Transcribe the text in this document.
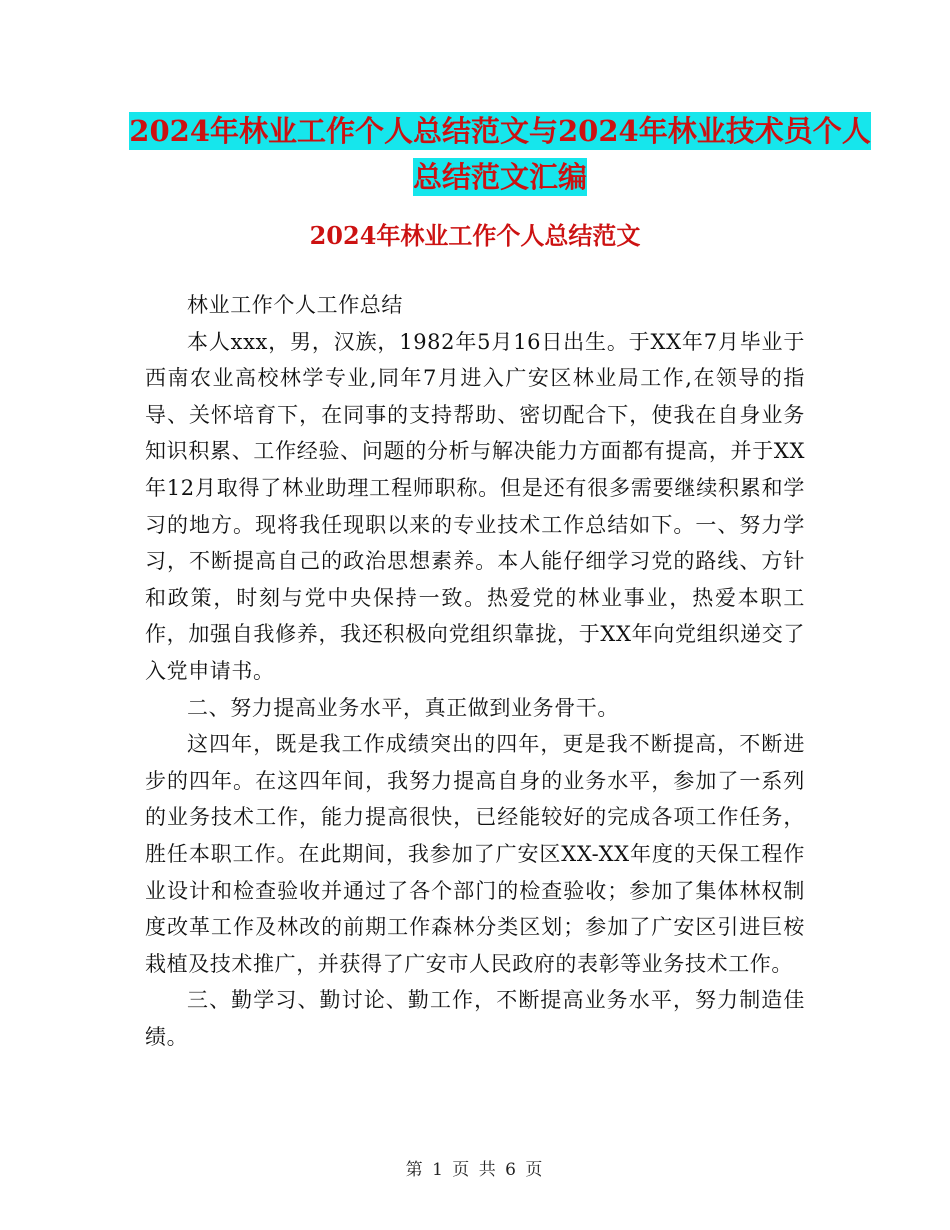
2024年林业工作个人总结范文与2024年林业技术员个人总结范文汇编
2024年林业工作个人总结范文

林业工作个人工作总结

本人xxx，男，汉族，1982年5月16日出生。于XX年7月毕业于西南农业高校林学专业,同年7月进入广安区林业局工作,在领导的指导、关怀培育下，在同事的支持帮助、密切配合下，使我在自身业务知识积累、工作经验、问题的分析与解决能力方面都有提高，并于XX年12月取得了林业助理工程师职称。但是还有很多需要继续积累和学习的地方。现将我任现职以来的专业技术工作总结如下。一、努力学习，不断提高自己的政治思想素养。本人能仔细学习党的路线、方针和政策，时刻与党中央保持一致。热爱党的林业事业，热爱本职工作，加强自我修养，我还积极向党组织靠拢，于XX年向党组织递交了入党申请书。

二、努力提高业务水平，真正做到业务骨干。

这四年，既是我工作成绩突出的四年，更是我不断提高，不断进步的四年。在这四年间，我努力提高自身的业务水平，参加了一系列的业务技术工作，能力提高很快，已经能较好的完成各项工作任务，胜任本职工作。在此期间，我参加了广安区XX-XX年度的天保工程作业设计和检查验收并通过了各个部门的检查验收；参加了集体林权制度改革工作及林改的前期工作森林分类区划；参加了广安区引进巨桉栽植及技术推广，并获得了广安市人民政府的表彰等业务技术工作。

三、勤学习、勤讨论、勤工作，不断提高业务水平，努力制造佳绩。

第 1 页 共 6 页
